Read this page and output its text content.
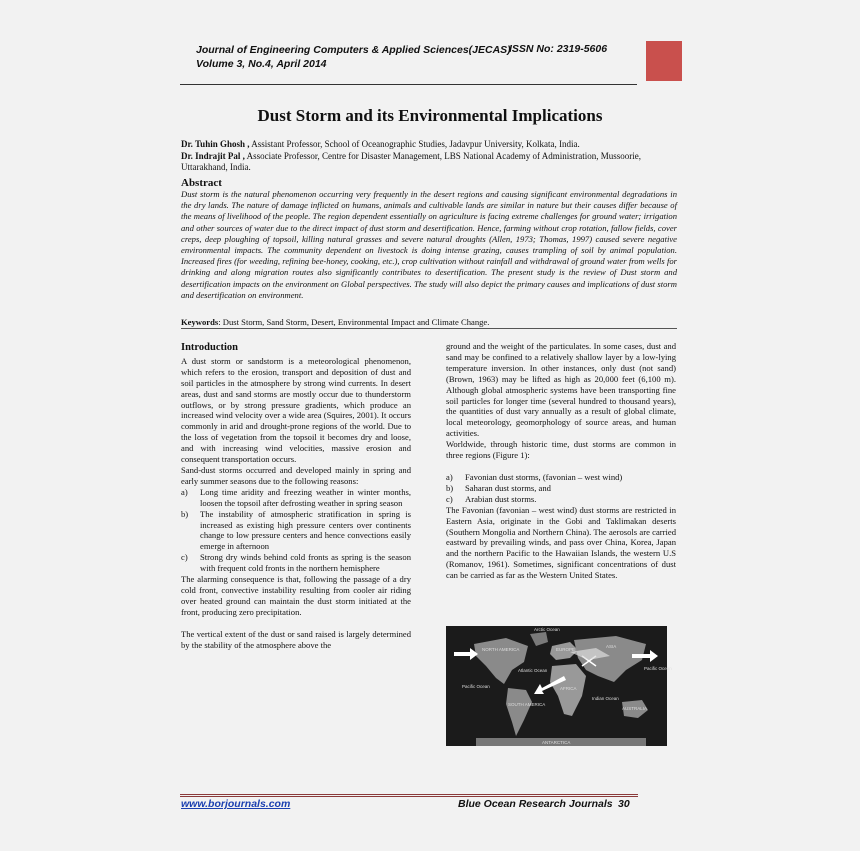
Journal of Engineering Computers & Applied Sciences(JECAS)
ISSN No: 2319-5606
Volume 3, No.4, April 2014
Dust Storm and its Environmental Implications
Dr. Tuhin Ghosh , Assistant Professor, School of Oceanographic Studies, Jadavpur University, Kolkata, India.
Dr. Indrajit Pal , Associate Professor, Centre for Disaster Management, LBS National Academy of Administration, Mussoorie, Uttarakhand, India.
Abstract
Dust storm is the natural phenomenon occurring very frequently in the desert regions and causing significant environmental degradations in the dry lands. The nature of damage inflicted on humans, animals and cultivable lands are similar in nature but their causes differ because of the means of livelihood of the people. The region dependent essentially on agriculture is facing extreme challenges for ground water; irrigation and other sources of water due to the direct impact of dust storm and desertification. Hence, farming without crop rotation, fallow fields, cover creps, deep ploughing of topsoil, killing natural grasses and severe natural droughts (Allen, 1973; Thomas, 1997) caused severe negative environmental impacts. The community dependent on livestock is doing intense grazing, causes trampling of soil by animal population. Increased fires (for weeding, refining bee-honey, cooking, etc.), crop cultivation without rainfall and withdrawal of ground water from wells for drinking and along migration routes also significantly contributes to desertification. The present study is the review of Dust storm and desertification impacts on the environment on Global perspectives. The study will also depict the primary causes and implications of dust storm and desertification on environment.
Keywords: Dust Storm, Sand Storm, Desert, Environmental Impact and Climate Change.
Introduction

A dust storm or sandstorm is a meteorological phenomenon, which refers to the erosion, transport and deposition of dust and soil particles in the atmosphere by strong wind currents. In desert areas, dust and sand storms are mostly occur due to thunderstorm outflows, or by strong pressure gradients, which produce an increased wind velocity over a wide area (Squires, 2001). It occurs commonly in arid and drought-prone regions of the world. Due to the loss of vegetation from the topsoil it becomes dry and loose, and with increasing wind velocities, massive erosion and consequent transportation occurs.

Sand-dust storms occurred and developed mainly in spring and early summer seasons due to the following reasons:

a)	Long time aridity and freezing weather in winter months, loosen the topsoil after defrosting weather in spring season
b)	The instability of atmospheric stratification in spring is increased as existing high pressure centers over continents change to low pressure centers and hence convections easily emerge in afternoon
c)	Strong dry winds behind cold fronts as spring is the season with frequent cold fronts in the northern hemisphere

The alarming consequence is that, following the passage of a dry cold front, convective instability resulting from cooler air riding over heated ground can maintain the dust storm initiated at the front, producing zero precipitation.

The vertical extent of the dust or sand raised is largely determined by the stability of the atmosphere above the

ground and the weight of the particulates. In some cases, dust and sand may be confined to a relatively shallow layer by a low-lying temperature inversion. In other instances, only dust (not sand) (Brown, 1963) may be lifted as high as 20,000 feet (6,100 m). Although global atmospheric systems have been transporting fine soil particles for longer time (several hundred to thousand years), the quantities of dust vary annually as a result of global climate, local meteorology, geomorphology of source areas, and human activities.

Worldwide, through historic time, dust storms are common in three regions (Figure 1):

a)	Favonian dust storms, (favonian – west wind)
b)	Saharan dust storms, and
c)	Arabian dust storms.

The Favonian (favonian – west wind) dust storms are restricted in Eastern Asia, originate in the Gobi and Taklimakan deserts (Southern Mongolia and Northern China). The aerosols are carried eastward by prevailing winds, and pass over China, Korea, Japan and the northern Pacific to the Hawaiian Islands, the western U.S (Romanov, 1961). Sometimes, significant concentrations of dust can be carried as far as the Western United States.

Arctic Ocean
NORTH AMERICA	EUROPE
ASIA
Atlantic Ocean
Pacific Ocean
Pacific Ocean
AFRICA
SOUTH AMERICA
Indian Ocean
AUSTRALIA
ANTARCTICA
www.borjournals.com	Blue Ocean Research Journals 30
